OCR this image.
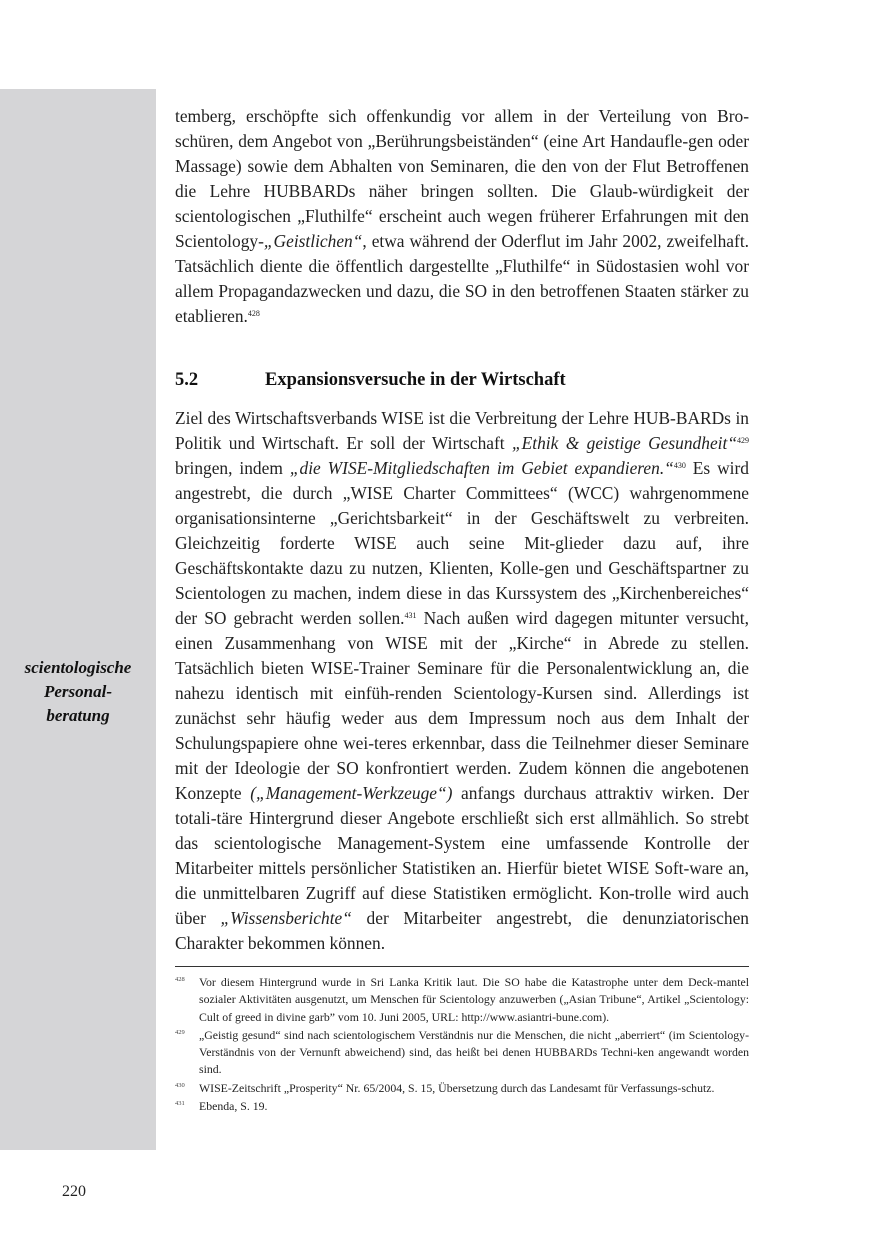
scientologische
Personal-
beratung

temberg, erschöpfte sich offenkundig vor allem in der Verteilung von Bro-schüren, dem Angebot von „Berührungsbeiständen“ (eine Art Handaufle-gen oder Massage) sowie dem Abhalten von Seminaren, die den von der Flut Betroffenen die Lehre HUBBARDs näher bringen sollten. Die Glaub-würdigkeit der scientologischen „Fluthilfe“ erscheint auch wegen früherer Erfahrungen mit den Scientology-„Geistlichen“, etwa während der Oderflut im Jahr 2002, zweifelhaft. Tatsächlich diente die öffentlich dargestellte „Fluthilfe“ in Südostasien wohl vor allem Propagandazwecken und dazu, die SO in den betroffenen Staaten stärker zu etablieren.$^{428}$

5.2	Expansionsversuche in der Wirtschaft

Ziel des Wirtschaftsverbands WISE ist die Verbreitung der Lehre HUB-BARDs in Politik und Wirtschaft. Er soll der Wirtschaft „Ethik & geistige Gesundheit“$^{429}$ bringen, indem „die WISE-Mitgliedschaften im Gebiet expandieren.“$^{430}$ Es wird angestrebt, die durch „WISE Charter Committees“ (WCC) wahrgenommene organisationsinterne „Gerichtsbarkeit“ in der Geschäftswelt zu verbreiten. Gleichzeitig forderte WISE auch seine Mit-glieder dazu auf, ihre Geschäftskontakte dazu zu nutzen, Klienten, Kolle-gen und Geschäftspartner zu Scientologen zu machen, indem diese in das Kurssystem des „Kirchenbereiches“ der SO gebracht werden sollen.$^{431}$ Nach außen wird dagegen mitunter versucht, einen Zusammenhang von WISE mit der „Kirche“ in Abrede zu stellen. Tatsächlich bieten WISE-Trainer Seminare für die Personalentwicklung an, die nahezu identisch mit einfüh-renden Scientology-Kursen sind. Allerdings ist zunächst sehr häufig weder aus dem Impressum noch aus dem Inhalt der Schulungspapiere ohne wei-teres erkennbar, dass die Teilnehmer dieser Seminare mit der Ideologie der SO konfrontiert werden. Zudem können die angebotenen Konzepte („Management-Werkzeuge“) anfangs durchaus attraktiv wirken. Der totali-täre Hintergrund dieser Angebote erschließt sich erst allmählich. So strebt das scientologische Management-System eine umfassende Kontrolle der Mitarbeiter mittels persönlicher Statistiken an. Hierfür bietet WISE Soft-ware an, die unmittelbaren Zugriff auf diese Statistiken ermöglicht. Kon-trolle wird auch über „Wissensberichte“ der Mitarbeiter angestrebt, die denunziatorischen Charakter bekommen können.

428	Vor diesem Hintergrund wurde in Sri Lanka Kritik laut. Die SO habe die Katastrophe unter dem Deck-mantel sozialer Aktivitäten ausgenutzt, um Menschen für Scientology anzuwerben („Asian Tribune“, Artikel „Scientology: Cult of greed in divine garb” vom 10. Juni 2005, URL: http://www.asiantri-bune.com).
429	„Geistig gesund“ sind nach scientologischem Verständnis nur die Menschen, die nicht „aberriert“ (im Scientology-Verständnis von der Vernunft abweichend) sind, das heißt bei denen HUBBARDs Techni-ken angewandt worden sind.
430	WISE-Zeitschrift „Prosperity“ Nr. 65/2004, S. 15, Übersetzung durch das Landesamt für Verfassungs-schutz.
431	Ebenda, S. 19.
220
